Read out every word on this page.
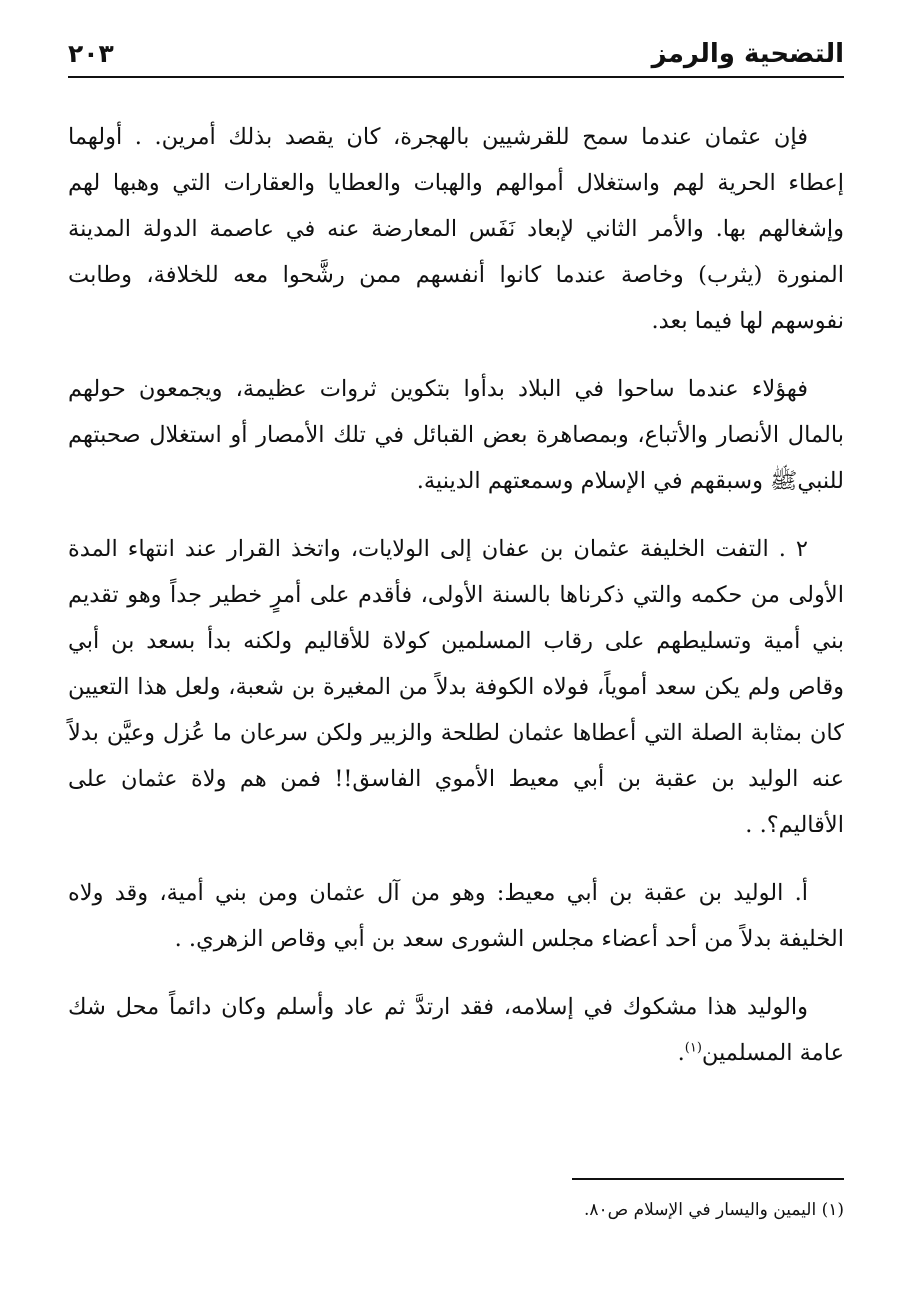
التضحية والرمز
٢٠٣

فإن عثمان عندما سمح للقرشيين بالهجرة، كان يقصد بذلك أمرين. . أولهما إعطاء الحرية لهم واستغلال أموالهم والهبات والعطايا والعقارات التي وهبها لهم وإشغالهم بها. والأمر الثاني لإبعاد نَفَس المعارضة عنه في عاصمة الدولة المدينة المنورة (يثرب) وخاصة عندما كانوا أنفسهم ممن رشَّحوا معه للخلافة، وطابت نفوسهم لها فيما بعد.

فهؤلاء عندما ساحوا في البلاد بدأوا بتكوين ثروات عظيمة، ويجمعون حولهم بالمال الأنصار والأتباع، وبمصاهرة بعض القبائل في تلك الأمصار أو استغلال صحبتهم للنبيﷺ وسبقهم في الإسلام وسمعتهم الدينية.

٢ . التفت الخليفة عثمان بن عفان إلى الولايات، واتخذ القرار عند انتهاء المدة الأولى من حكمه والتي ذكرناها بالسنة الأولى، فأقدم على أمرٍ خطير جداً وهو تقديم بني أمية وتسليطهم على رقاب المسلمين كولاة للأقاليم ولكنه بدأ بسعد بن أبي وقاص ولم يكن سعد أموياً، فولاه الكوفة بدلاً من المغيرة بن شعبة، ولعل هذا التعيين كان بمثابة الصلة التي أعطاها عثمان لطلحة والزبير ولكن سرعان ما عُزل وعيَّن بدلاً عنه الوليد بن عقبة بن أبي معيط الأموي الفاسق!! فمن هم ولاة عثمان على الأقاليم؟. .

أ. الوليد بن عقبة بن أبي معيط: وهو من آل عثمان ومن بني أمية، وقد ولاه الخليفة بدلاً من أحد أعضاء مجلس الشورى سعد بن أبي وقاص الزهري. .

والوليد هذا مشكوك في إسلامه، فقد ارتدَّ ثم عاد وأسلم وكان دائماً محل شك عامة المسلمين$^{(١)}$.

(١) اليمين واليسار في الإسلام ص٨٠.
